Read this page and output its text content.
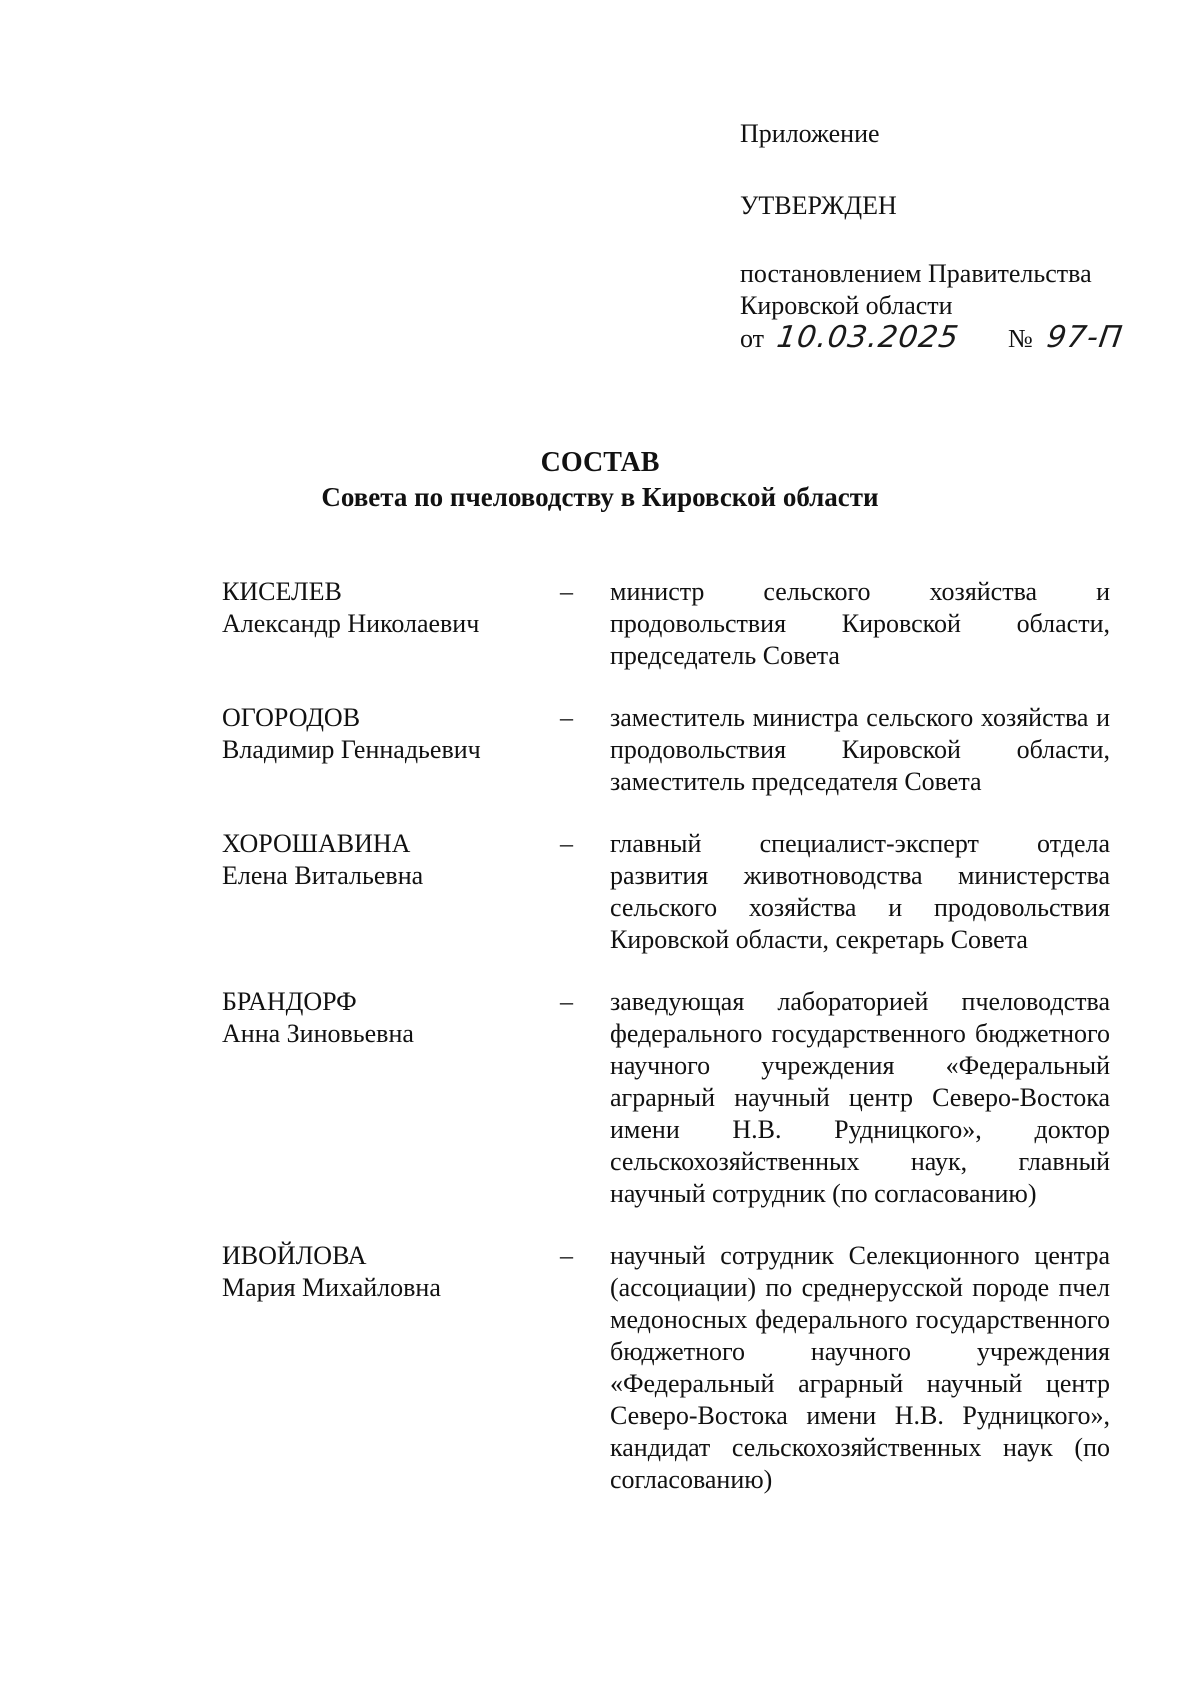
Приложение
УТВЕРЖДЕН
постановлением Правительства
Кировской области
от 10.03.2025 № 97-П
СОСТАВ
Совета по пчеловодству в Кировской области
КИСЕЛЕВ
Александр Николаевич
–	министр сельского хозяйства и продовольствия Кировской области, председатель Совета
ОГОРОДОВ
Владимир Геннадьевич
–	заместитель министра сельского хозяйства и продовольствия Кировской области, заместитель председателя Совета
ХОРОШАВИНА
Елена Витальевна
–	главный специалист-эксперт отдела развития животноводства министерства сельского хозяйства и продовольствия Кировской области, секретарь Совета
БРАНДОРФ
Анна Зиновьевна
–	заведующая лабораторией пчеловодства федерального государственного бюджетного научного учреждения «Федеральный аграрный научный центр Северо-Востока имени Н.В. Рудницкого», доктор сельскохозяйственных наук, главный научный сотрудник (по согласованию)
ИВОЙЛОВА
Мария Михайловна
–	научный сотрудник Селекционного центра (ассоциации) по среднерусской породе пчел медоносных федерального государственного бюджетного научного учреждения «Федеральный аграрный научный центр Северо-Востока имени Н.В. Рудницкого», кандидат сельскохозяйственных наук (по согласованию)
